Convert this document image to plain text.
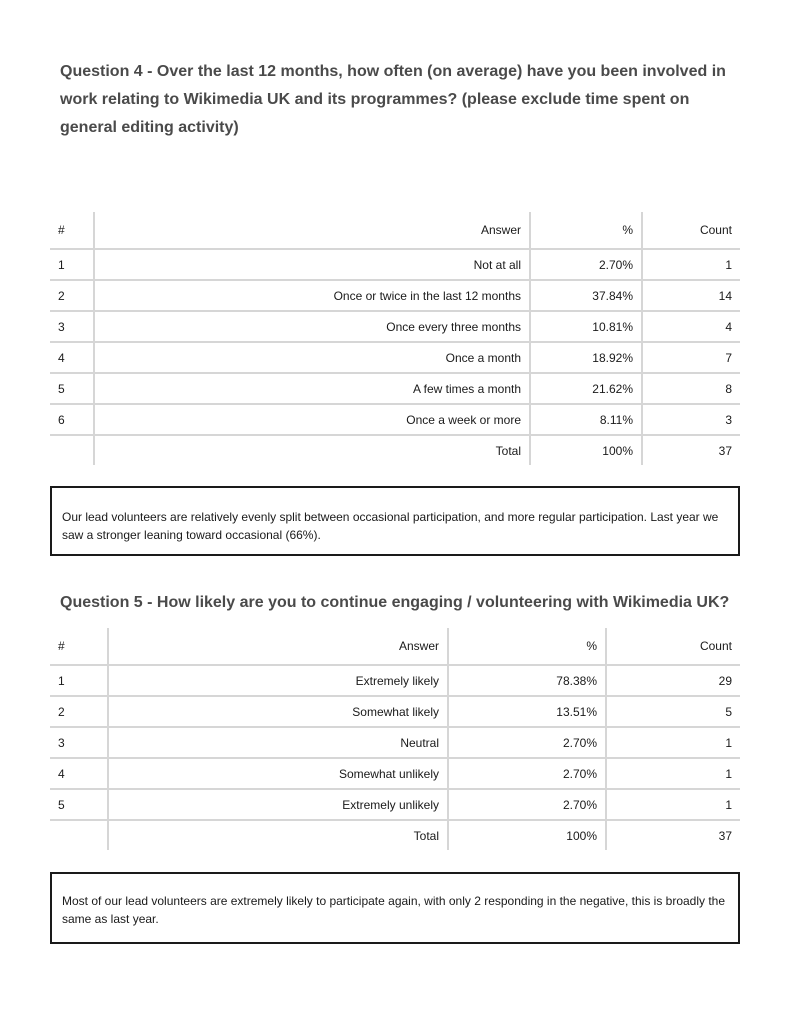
Question 4 - Over the last 12 months, how often (on average) have you been involved in work relating to Wikimedia UK and its programmes? (please exclude time spent on general editing activity)
#	Answer	%	Count
1	Not at all	2.70%	1
2	Once or twice in the last 12 months	37.84%	14
3	Once every three months	10.81%	4
4	Once a month	18.92%	7
5	A few times a month	21.62%	8
6	Once a week or more	8.11%	3
	Total	100%	37
Our lead volunteers are relatively evenly split between occasional participation, and more regular participation. Last year we saw a stronger leaning toward occasional (66%).
Question 5 - How likely are you to continue engaging / volunteering with Wikimedia UK?
#	Answer	%	Count
1	Extremely likely	78.38%	29
2	Somewhat likely	13.51%	5
3	Neutral	2.70%	1
4	Somewhat unlikely	2.70%	1
5	Extremely unlikely	2.70%	1
	Total	100%	37
Most of our lead volunteers are extremely likely to participate again, with only 2 responding in the negative, this is broadly the same as last year.
